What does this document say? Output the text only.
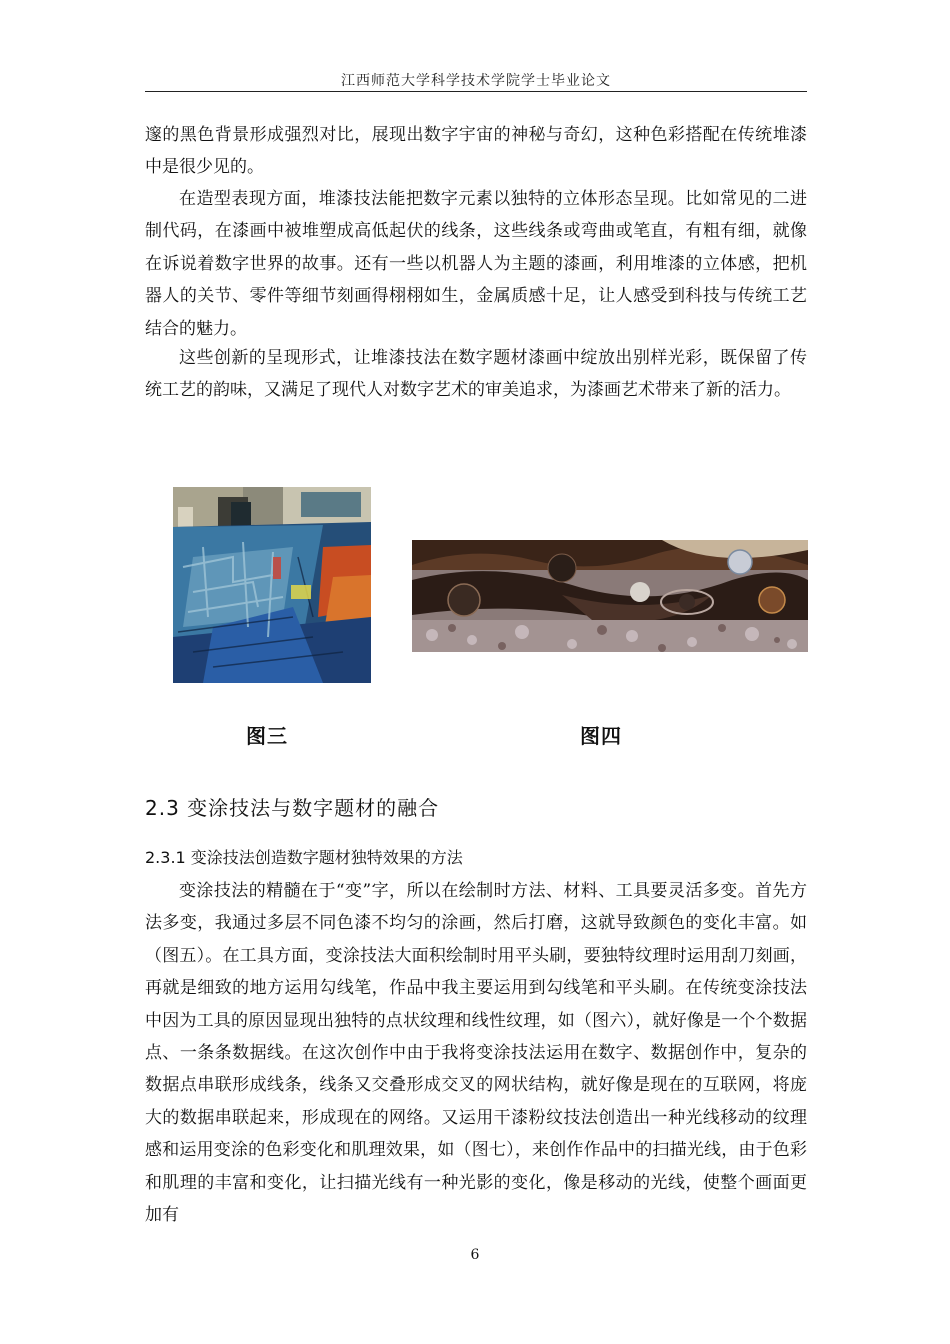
江西师范大学科学技术学院学士毕业论文

邃的黑色背景形成强烈对比，展现出数字宇宙的神秘与奇幻，这种色彩搭配在传统堆漆中是很少见的。

在造型表现方面，堆漆技法能把数字元素以独特的立体形态呈现。比如常见的二进制代码，在漆画中被堆塑成高低起伏的线条，这些线条或弯曲或笔直，有粗有细，就像在诉说着数字世界的故事。还有一些以机器人为主题的漆画，利用堆漆的立体感，把机器人的关节、零件等细节刻画得栩栩如生，金属质感十足，让人感受到科技与传统工艺结合的魅力。

这些创新的呈现形式，让堆漆技法在数字题材漆画中绽放出别样光彩，既保留了传统工艺的韵味，又满足了现代人对数字艺术的审美追求，为漆画艺术带来了新的活力。

图三	图四
2.3 变涂技法与数字题材的融合
2.3.1 变涂技法创造数字题材独特效果的方法

变涂技法的精髓在于“变”字，所以在绘制时方法、材料、工具要灵活多变。首先方法多变，我通过多层不同色漆不均匀的涂画，然后打磨，这就导致颜色的变化丰富。如（图五）。在工具方面，变涂技法大面积绘制时用平头刷，要独特纹理时运用刮刀刻画，再就是细致的地方运用勾线笔，作品中我主要运用到勾线笔和平头刷。在传统变涂技法中因为工具的原因显现出独特的点状纹理和线性纹理，如（图六），就好像是一个个数据点、一条条数据线。在这次创作中由于我将变涂技法运用在数字、数据创作中，复杂的数据点串联形成线条，线条又交叠形成交叉的网状结构，就好像是现在的互联网，将庞大的数据串联起来，形成现在的网络。又运用干漆粉纹技法创造出一种光线移动的纹理感和运用变涂的色彩变化和肌理效果，如（图七），来创作作品中的扫描光线，由于色彩和肌理的丰富和变化，让扫描光线有一种光影的变化，像是移动的光线，使整个画面更加有

6
